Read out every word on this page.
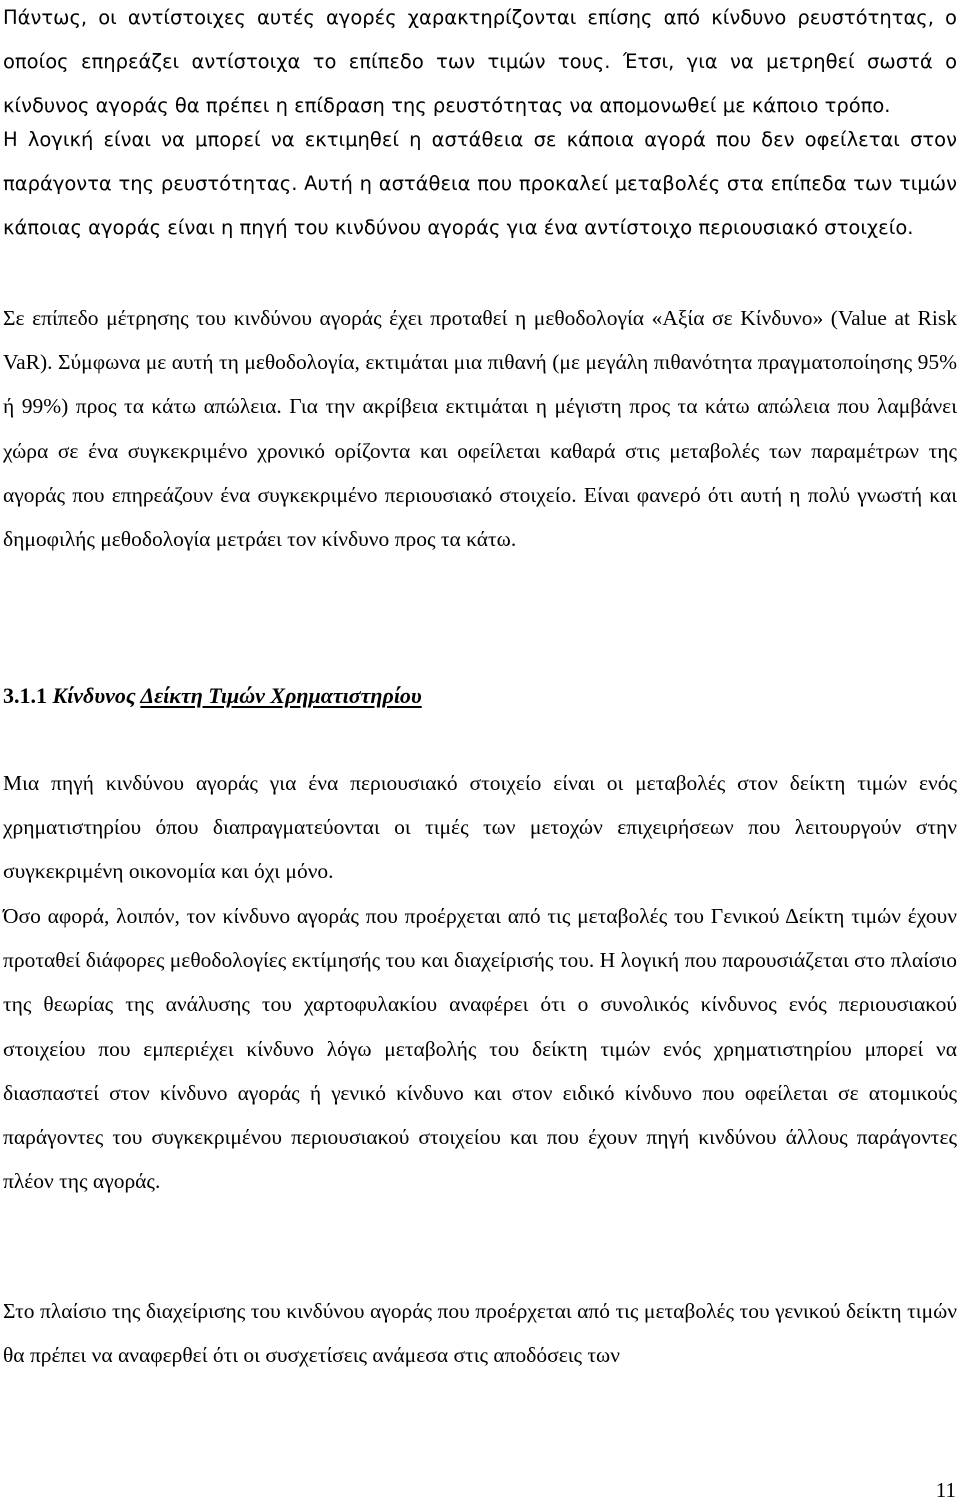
Πάντως, οι αντίστοιχες αυτές αγορές χαρακτηρίζονται επίσης από κίνδυνο ρευστότητας, ο οποίος επηρεάζει αντίστοιχα το επίπεδο των τιμών τους. Έτσι, για να μετρηθεί σωστά ο κίνδυνος αγοράς θα πρέπει η επίδραση της ρευστότητας να απομονωθεί με κάποιο τρόπο.

Η λογική είναι να μπορεί να εκτιμηθεί η αστάθεια σε κάποια αγορά που δεν οφείλεται στον παράγοντα της ρευστότητας. Αυτή η αστάθεια που προκαλεί μεταβολές στα επίπεδα των τιμών κάποιας αγοράς είναι η πηγή του κινδύνου αγοράς για ένα αντίστοιχο περιουσιακό στοιχείο.

Σε επίπεδο μέτρησης του κινδύνου αγοράς έχει προταθεί η μεθοδολογία «Αξία σε Κίνδυνο» (Value at Risk VaR). Σύμφωνα με αυτή τη μεθοδολογία, εκτιμάται μια πιθανή (με μεγάλη πιθανότητα πραγματοποίησης 95% ή 99%) προς τα κάτω απώλεια. Για την ακρίβεια εκτιμάται η μέγιστη προς τα κάτω απώλεια που λαμβάνει χώρα σε ένα συγκεκριμένο χρονικό ορίζοντα και οφείλεται καθαρά στις μεταβολές των παραμέτρων της αγοράς που επηρεάζουν ένα συγκεκριμένο περιουσιακό στοιχείο. Είναι φανερό ότι αυτή η πολύ γνωστή και δημοφιλής μεθοδολογία μετράει τον κίνδυνο προς τα κάτω.

3.1.1 Κίνδυνος Δείκτη Τιμών Χρηματιστηρίου

Μια πηγή κινδύνου αγοράς για ένα περιουσιακό στοιχείο είναι οι μεταβολές στον δείκτη τιμών ενός χρηματιστηρίου όπου διαπραγματεύονται οι τιμές των μετοχών επιχειρήσεων που λειτουργούν στην συγκεκριμένη οικονομία και όχι μόνο.

Όσο αφορά, λοιπόν, τον κίνδυνο αγοράς που προέρχεται από τις μεταβολές του Γενικού Δείκτη τιμών έχουν προταθεί διάφορες μεθοδολογίες εκτίμησής του και διαχείρισής του. Η λογική που παρουσιάζεται στο πλαίσιο της θεωρίας της ανάλυσης του χαρτοφυλακίου αναφέρει ότι ο συνολικός κίνδυνος ενός περιουσιακού στοιχείου που εμπεριέχει κίνδυνο λόγω μεταβολής του δείκτη τιμών ενός χρηματιστηρίου μπορεί να διασπαστεί στον κίνδυνο αγοράς ή γενικό κίνδυνο και στον ειδικό κίνδυνο που οφείλεται σε ατομικούς παράγοντες του συγκεκριμένου περιουσιακού στοιχείου και που έχουν πηγή κινδύνου άλλους παράγοντες πλέον της αγοράς.

Στο πλαίσιο της διαχείρισης του κινδύνου αγοράς που προέρχεται από τις μεταβολές του γενικού δείκτη τιμών θα πρέπει να αναφερθεί ότι οι συσχετίσεις ανάμεσα στις αποδόσεις των

11
